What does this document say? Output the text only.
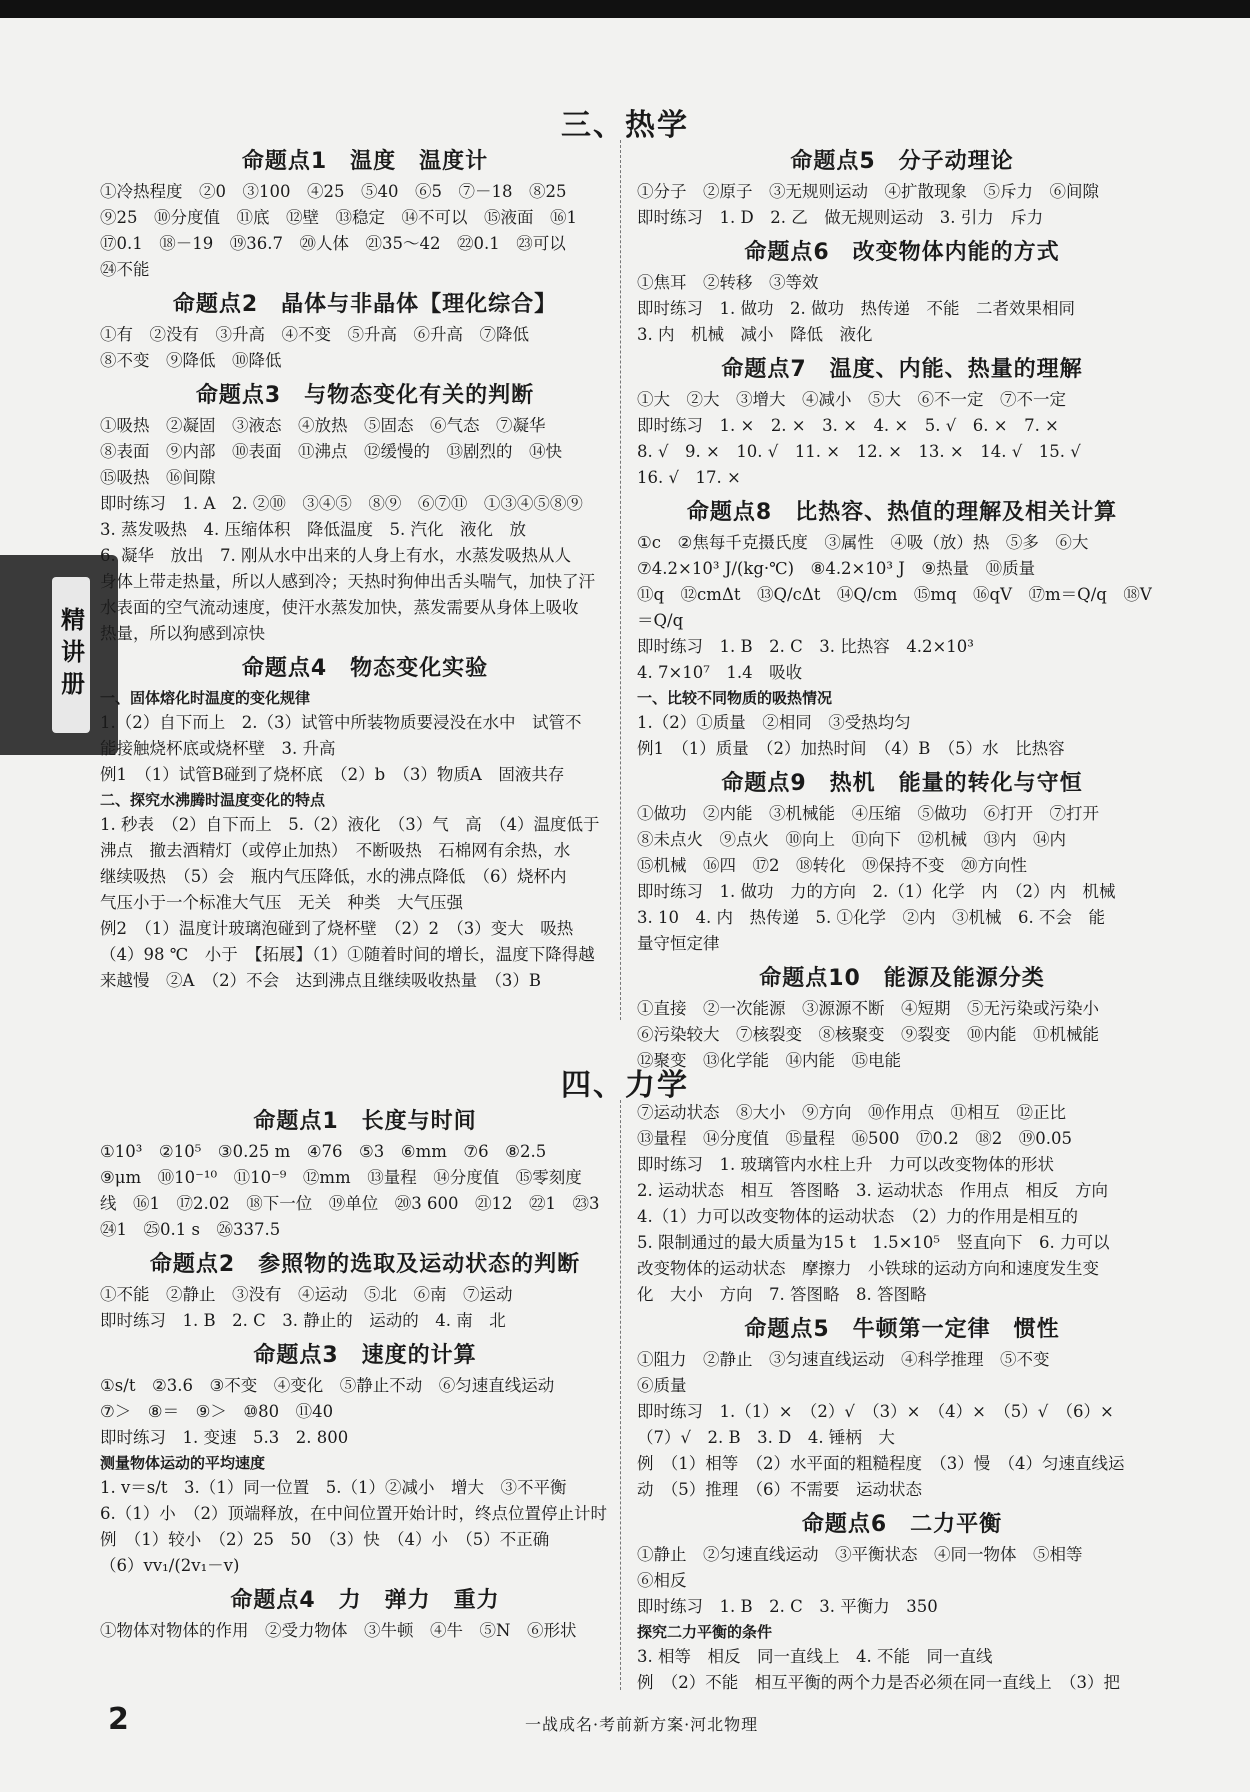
精讲册
三、热学
命题点1　温度　温度计
①冷热程度　②0　③100　④25　⑤40　⑥5　⑦－18　⑧25
⑨25　⑩分度值　⑪底　⑫壁　⑬稳定　⑭不可以　⑮液面　⑯1
⑰0.1　⑱－19　⑲36.7　⑳人体　㉑35～42　㉒0.1　㉓可以
㉔不能
命题点2　晶体与非晶体【理化综合】
①有　②没有　③升高　④不变　⑤升高　⑥升高　⑦降低
⑧不变　⑨降低　⑩降低
命题点3　与物态变化有关的判断
①吸热　②凝固　③液态　④放热　⑤固态　⑥气态　⑦凝华
⑧表面　⑨内部　⑩表面　⑪沸点　⑫缓慢的　⑬剧烈的　⑭快
⑮吸热　⑯间隙
即时练习　1. A　2. ②⑩　③④⑤　⑧⑨　⑥⑦⑪　①③④⑤⑧⑨
3. 蒸发吸热　4. 压缩体积　降低温度　5. 汽化　液化　放
6. 凝华　放出　7. 刚从水中出来的人身上有水，水蒸发吸热从人
身体上带走热量，所以人感到冷；天热时狗伸出舌头喘气，加快了汗
水表面的空气流动速度，使汗水蒸发加快，蒸发需要从身体上吸收
热量，所以狗感到凉快
命题点4　物态变化实验
一、固体熔化时温度的变化规律
1.（2）自下而上　2.（3）试管中所装物质要浸没在水中　试管不
能接触烧杯底或烧杯壁　3. 升高
例1　（1）试管B碰到了烧杯底　（2）b　（3）物质A　固液共存
二、探究水沸腾时温度变化的特点
1. 秒表　（2）自下而上　5.（2）液化　（3）气　高　（4）温度低于
沸点　撤去酒精灯（或停止加热）　不断吸热　石棉网有余热，水
继续吸热　（5）会　瓶内气压降低，水的沸点降低　（6）烧杯内
气压小于一个标准大气压　无关　种类　大气压强
例2　（1）温度计玻璃泡碰到了烧杯壁　（2）2　（3）变大　吸热
（4）98 ℃　小于　【拓展】（1）①随着时间的增长，温度下降得越
来越慢　②A　（2）不会　达到沸点且继续吸收热量　（3）B
命题点5　分子动理论
①分子　②原子　③无规则运动　④扩散现象　⑤斥力　⑥间隙
即时练习　1. D　2. 乙　做无规则运动　3. 引力　斥力
命题点6　改变物体内能的方式
①焦耳　②转移　③等效
即时练习　1. 做功　2. 做功　热传递　不能　二者效果相同
3. 内　机械　减小　降低　液化
命题点7　温度、内能、热量的理解
①大　②大　③增大　④减小　⑤大　⑥不一定　⑦不一定
即时练习　1. ×　2. ×　3. ×　4. ×　5. √　6. ×　7. ×
8. √　9. ×　10. √　11. ×　12. ×　13. ×　14. √　15. √
16. √　17. ×
命题点8　比热容、热值的理解及相关计算
①c　②焦每千克摄氏度　③属性　④吸（放）热　⑤多　⑥大
⑦4.2×10³ J/(kg·℃)　⑧4.2×10³ J　⑨热量　⑩质量
⑪q　⑫cmΔt　⑬Q/cΔt　⑭Q/cm　⑮mq　⑯qV　⑰m＝Q/q　⑱V＝Q/q
即时练习　1. B　2. C　3. 比热容　4.2×10³
4. 7×10⁷　1.4　吸收
一、比较不同物质的吸热情况
1.（2）①质量　②相同　③受热均匀
例1　（1）质量　（2）加热时间　（4）B　（5）水　比热容
命题点9　热机　能量的转化与守恒
①做功　②内能　③机械能　④压缩　⑤做功　⑥打开　⑦打开
⑧未点火　⑨点火　⑩向上　⑪向下　⑫机械　⑬内　⑭内
⑮机械　⑯四　⑰2　⑱转化　⑲保持不变　⑳方向性
即时练习　1. 做功　力的方向　2.（1）化学　内　（2）内　机械
3. 10　4. 内　热传递　5. ①化学　②内　③机械　6. 不会　能
量守恒定律
命题点10　能源及能源分类
①直接　②一次能源　③源源不断　④短期　⑤无污染或污染小
⑥污染较大　⑦核裂变　⑧核聚变　⑨裂变　⑩内能　⑪机械能
⑫聚变　⑬化学能　⑭内能　⑮电能
四、力学
命题点1　长度与时间
①10³　②10⁵　③0.25 m　④76　⑤3　⑥mm　⑦6　⑧2.5
⑨μm　⑩10⁻¹⁰　⑪10⁻⁹　⑫mm　⑬量程　⑭分度值　⑮零刻度
线　⑯1　⑰2.02　⑱下一位　⑲单位　⑳3 600　㉑12　㉒1　㉓3
㉔1　㉕0.1 s　㉖337.5
命题点2　参照物的选取及运动状态的判断
①不能　②静止　③没有　④运动　⑤北　⑥南　⑦运动
即时练习　1. B　2. C　3. 静止的　运动的　4. 南　北
命题点3　速度的计算
①s/t　②3.6　③不变　④变化　⑤静止不动　⑥匀速直线运动
⑦＞　⑧＝　⑨＞　⑩80　⑪40
即时练习　1. 变速　5.3　2. 800
测量物体运动的平均速度
1. v＝s/t　3.（1）同一位置　5.（1）②减小　增大　③不平衡
6.（1）小　（2）顶端释放，在中间位置开始计时，终点位置停止计时
例　（1）较小　（2）25　50　（3）快　（4）小　（5）不正确
（6）vv₁/(2v₁－v)
命题点4　力　弹力　重力
①物体对物体的作用　②受力物体　③牛顿　④牛　⑤N　⑥形状
⑦运动状态　⑧大小　⑨方向　⑩作用点　⑪相互　⑫正比
⑬量程　⑭分度值　⑮量程　⑯500　⑰0.2　⑱2　⑲0.05
即时练习　1. 玻璃管内水柱上升　力可以改变物体的形状
2. 运动状态　相互　答图略　3. 运动状态　作用点　相反　方向
4.（1）力可以改变物体的运动状态　（2）力的作用是相互的
5. 限制通过的最大质量为15 t　1.5×10⁵　竖直向下　6. 力可以
改变物体的运动状态　摩擦力　小铁球的运动方向和速度发生变
化　大小　方向　7. 答图略　8. 答图略
命题点5　牛顿第一定律　惯性
①阻力　②静止　③匀速直线运动　④科学推理　⑤不变
⑥质量
即时练习　1.（1）×　（2）√　（3）×　（4）×　（5）√　（6）×
（7）√　2. B　3. D　4. 锤柄　大
例　（1）相等　（2）水平面的粗糙程度　（3）慢　（4）匀速直线运
动　（5）推理　（6）不需要　运动状态
命题点6　二力平衡
①静止　②匀速直线运动　③平衡状态　④同一物体　⑤相等
⑥相反
即时练习　1. B　2. C　3. 平衡力　350
探究二力平衡的条件
3. 相等　相反　同一直线上　4. 不能　同一直线
例　（2）不能　相互平衡的两个力是否必须在同一直线上　（3）把
2	一战成名·考前新方案·河北物理
